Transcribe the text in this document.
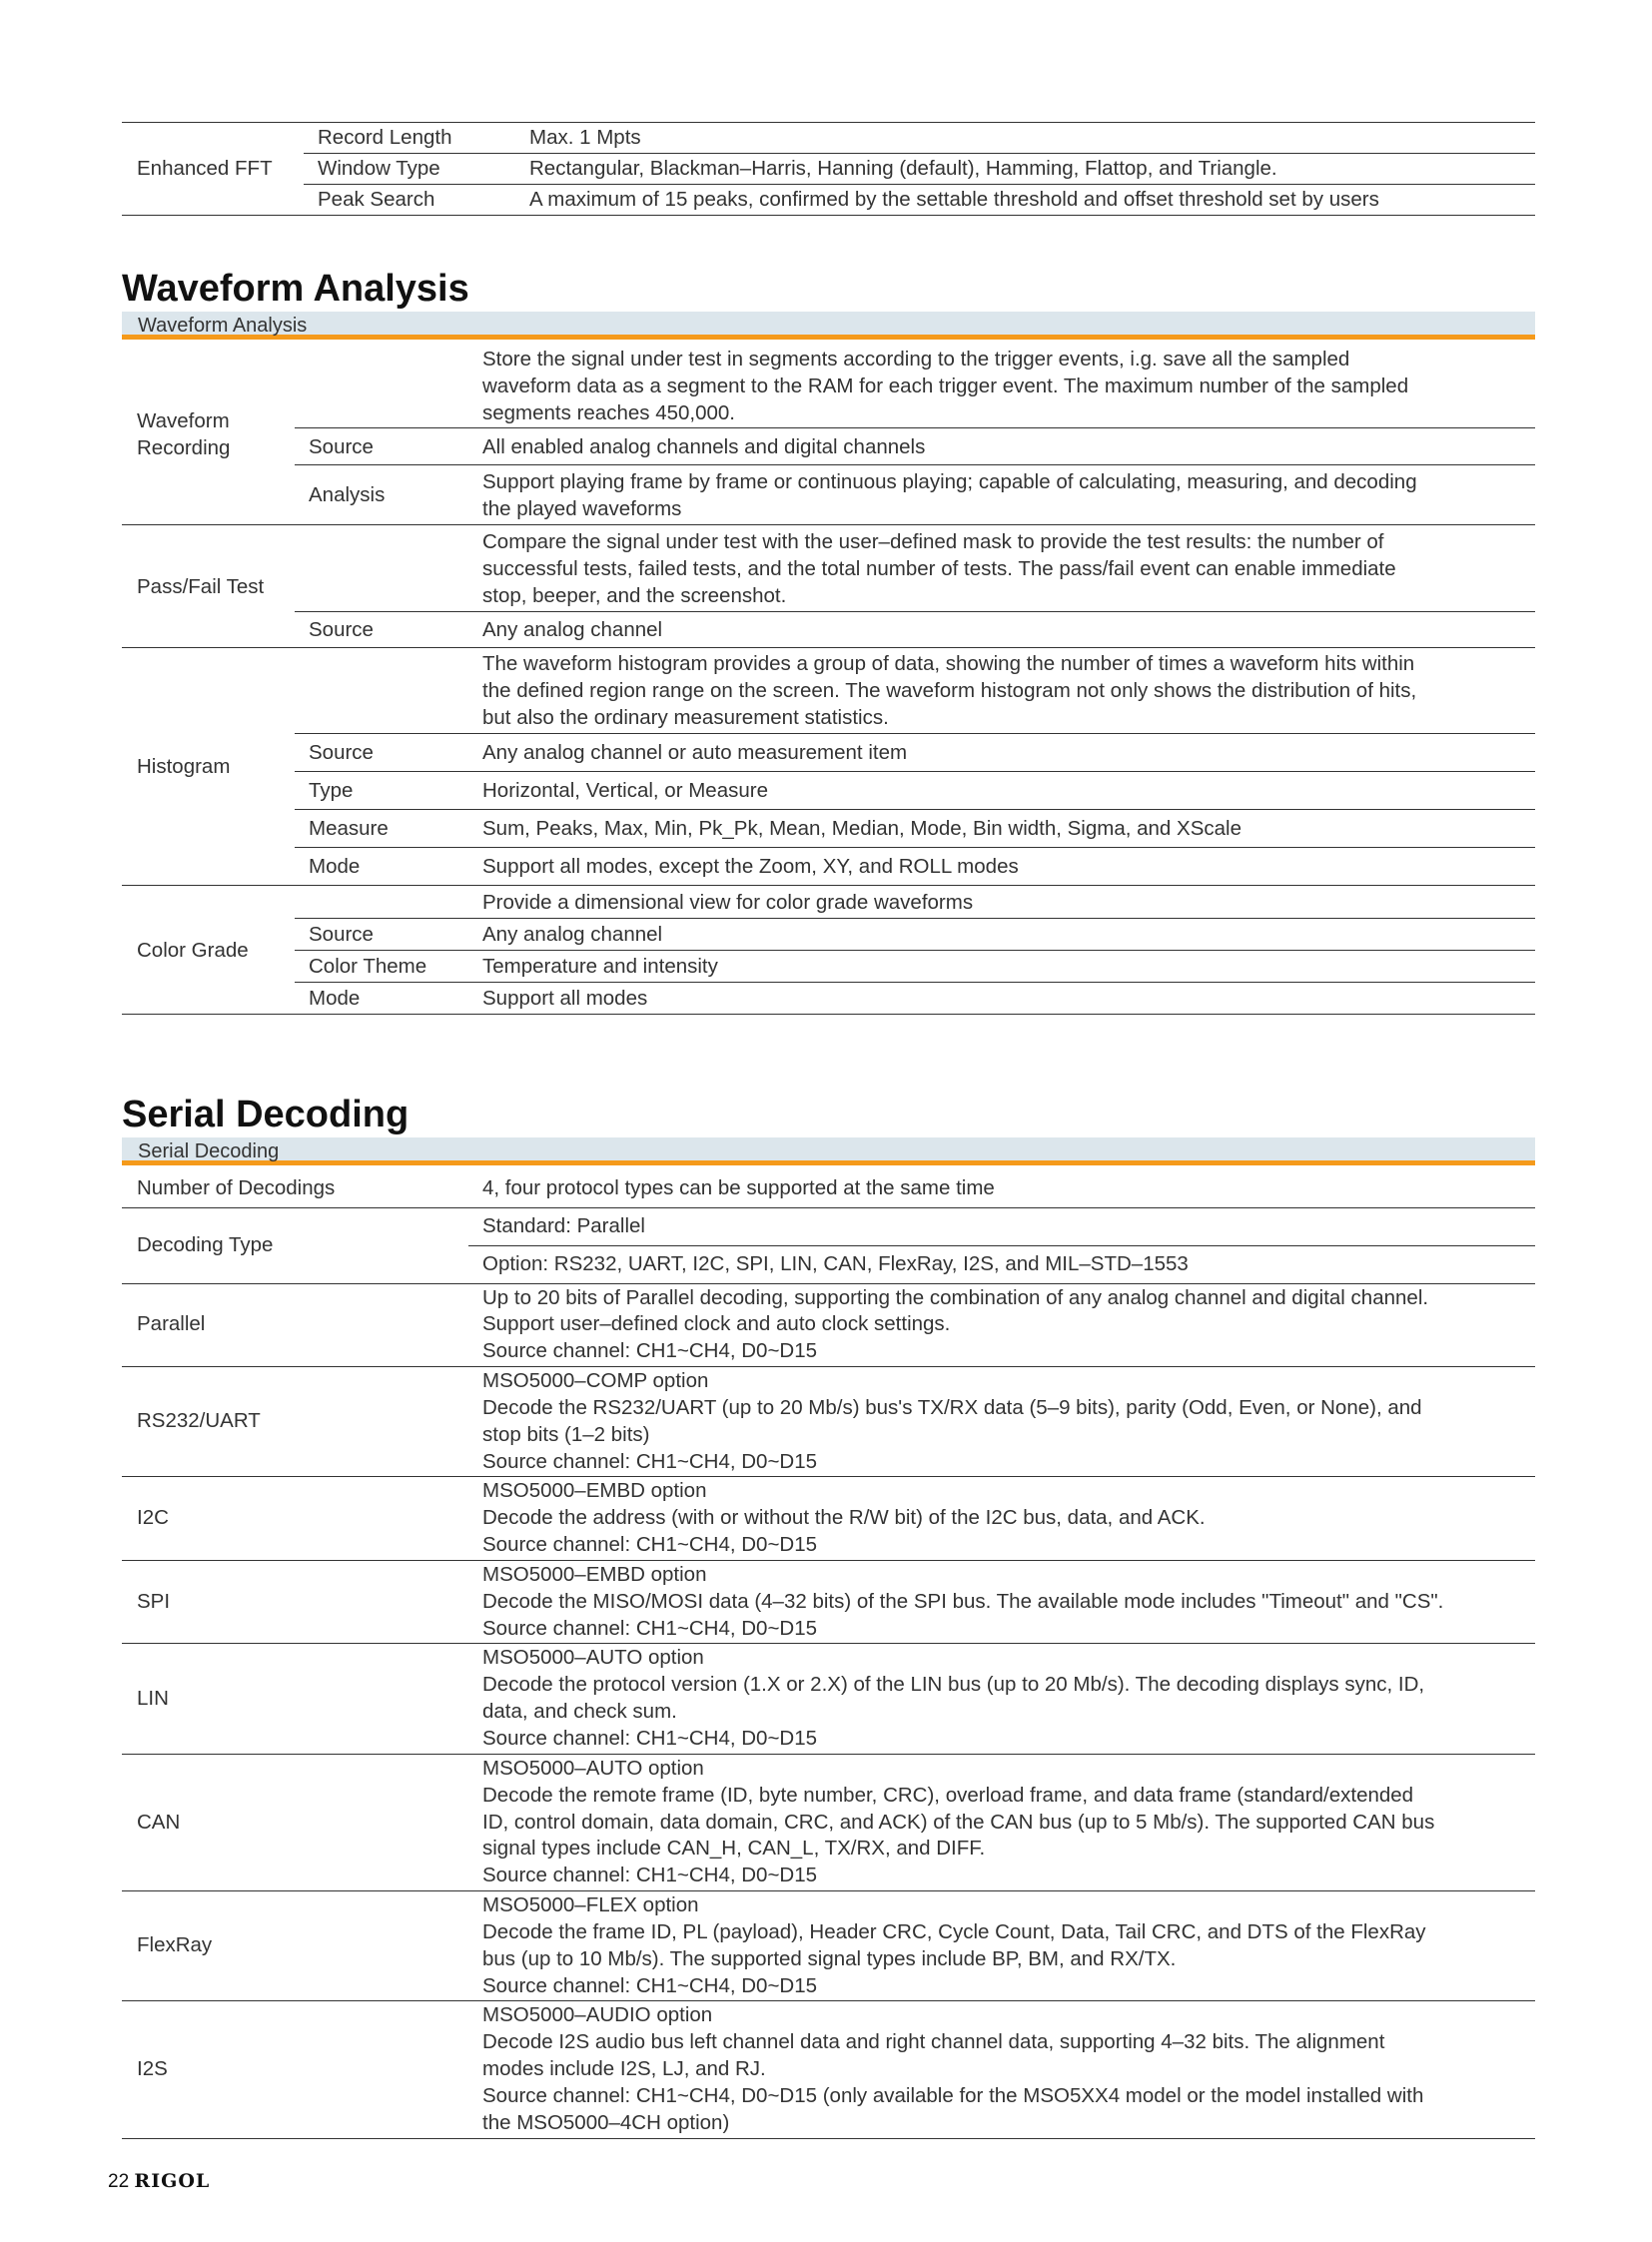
Enhanced FFT	Record Length	Max. 1 Mpts
	Window Type	Rectangular, Blackman–Harris, Hanning (default), Hamming, Flattop, and Triangle.
	Peak Search	A maximum of 15 peaks, confirmed by the settable threshold and offset threshold set by users
Waveform Analysis
Waveform Analysis
Waveform
Recording		Store the signal under test in segments according to the trigger events, i.g. save all the sampled
waveform data as a segment to the RAM for each trigger event. The maximum number of the sampled
segments reaches 450,000.

	Source	All enabled analog channels and digital channels
	Analysis	Support playing frame by frame or continuous playing; capable of calculating, measuring, and decoding
the played waveforms

Pass/Fail Test		Compare the signal under test with the user–defined mask to provide the test results: the number of
successful tests, failed tests, and the total number of tests. The pass/fail event can enable immediate
stop, beeper, and the screenshot.

	Source	Any analog channel
Histogram		The waveform histogram provides a group of data, showing the number of times a waveform hits within
the defined region range on the screen. The waveform histogram not only shows the distribution of hits,
but also the ordinary measurement statistics.

	Source	Any analog channel or auto measurement item
	Type	Horizontal, Vertical, or Measure
	Measure	Sum, Peaks, Max, Min, Pk_Pk, Mean, Median, Mode, Bin width, Sigma, and XScale
	Mode	Support all modes, except the Zoom, XY, and ROLL modes
Color Grade		Provide a dimensional view for color grade waveforms
	Source	Any analog channel
	Color Theme	Temperature and intensity
	Mode	Support all modes
Serial Decoding
Serial Decoding
Number of Decodings	4, four protocol types can be supported at the same time
Decoding Type	Standard: Parallel
	Option: RS232, UART, I2C, SPI, LIN, CAN, FlexRay, I2S, and MIL–STD–1553
Parallel	Up to 20 bits of Parallel decoding, supporting the combination of any analog channel and digital channel.
Support user–defined clock and auto clock settings.
Source channel: CH1~CH4, D0~D15

RS232/UART	MSO5000–COMP option
Decode the RS232/UART (up to 20 Mb/s) bus's TX/RX data (5–9 bits), parity (Odd, Even, or None), and
stop bits (1–2 bits)
Source channel: CH1~CH4, D0~D15

I2C	MSO5000–EMBD option
Decode the address (with or without the R/W bit) of the I2C bus, data, and ACK.
Source channel: CH1~CH4, D0~D15

SPI	MSO5000–EMBD option
Decode the MISO/MOSI data (4–32 bits) of the SPI bus. The available mode includes "Timeout" and "CS".
Source channel: CH1~CH4, D0~D15

LIN	MSO5000–AUTO option
Decode the protocol version (1.X or 2.X) of the LIN bus (up to 20 Mb/s). The decoding displays sync, ID,
data, and check sum.
Source channel: CH1~CH4, D0~D15

CAN	MSO5000–AUTO option
Decode the remote frame (ID, byte number, CRC), overload frame, and data frame (standard/extended
ID, control domain, data domain, CRC, and ACK) of the CAN bus (up to 5 Mb/s). The supported CAN bus
signal types include CAN_H, CAN_L, TX/RX, and DIFF.
Source channel: CH1~CH4, D0~D15

FlexRay	MSO5000–FLEX option
Decode the frame ID, PL (payload), Header CRC, Cycle Count, Data, Tail CRC, and DTS of the FlexRay
bus (up to 10 Mb/s). The supported signal types include BP, BM, and RX/TX.
Source channel: CH1~CH4, D0~D15

I2S	MSO5000–AUDIO option
Decode I2S audio bus left channel data and right channel data, supporting 4–32 bits. The alignment
modes include I2S, LJ, and RJ.
Source channel: CH1~CH4, D0~D15 (only available for the MSO5XX4 model or the model installed with
the MSO5000–4CH option)
22 RIGOL
